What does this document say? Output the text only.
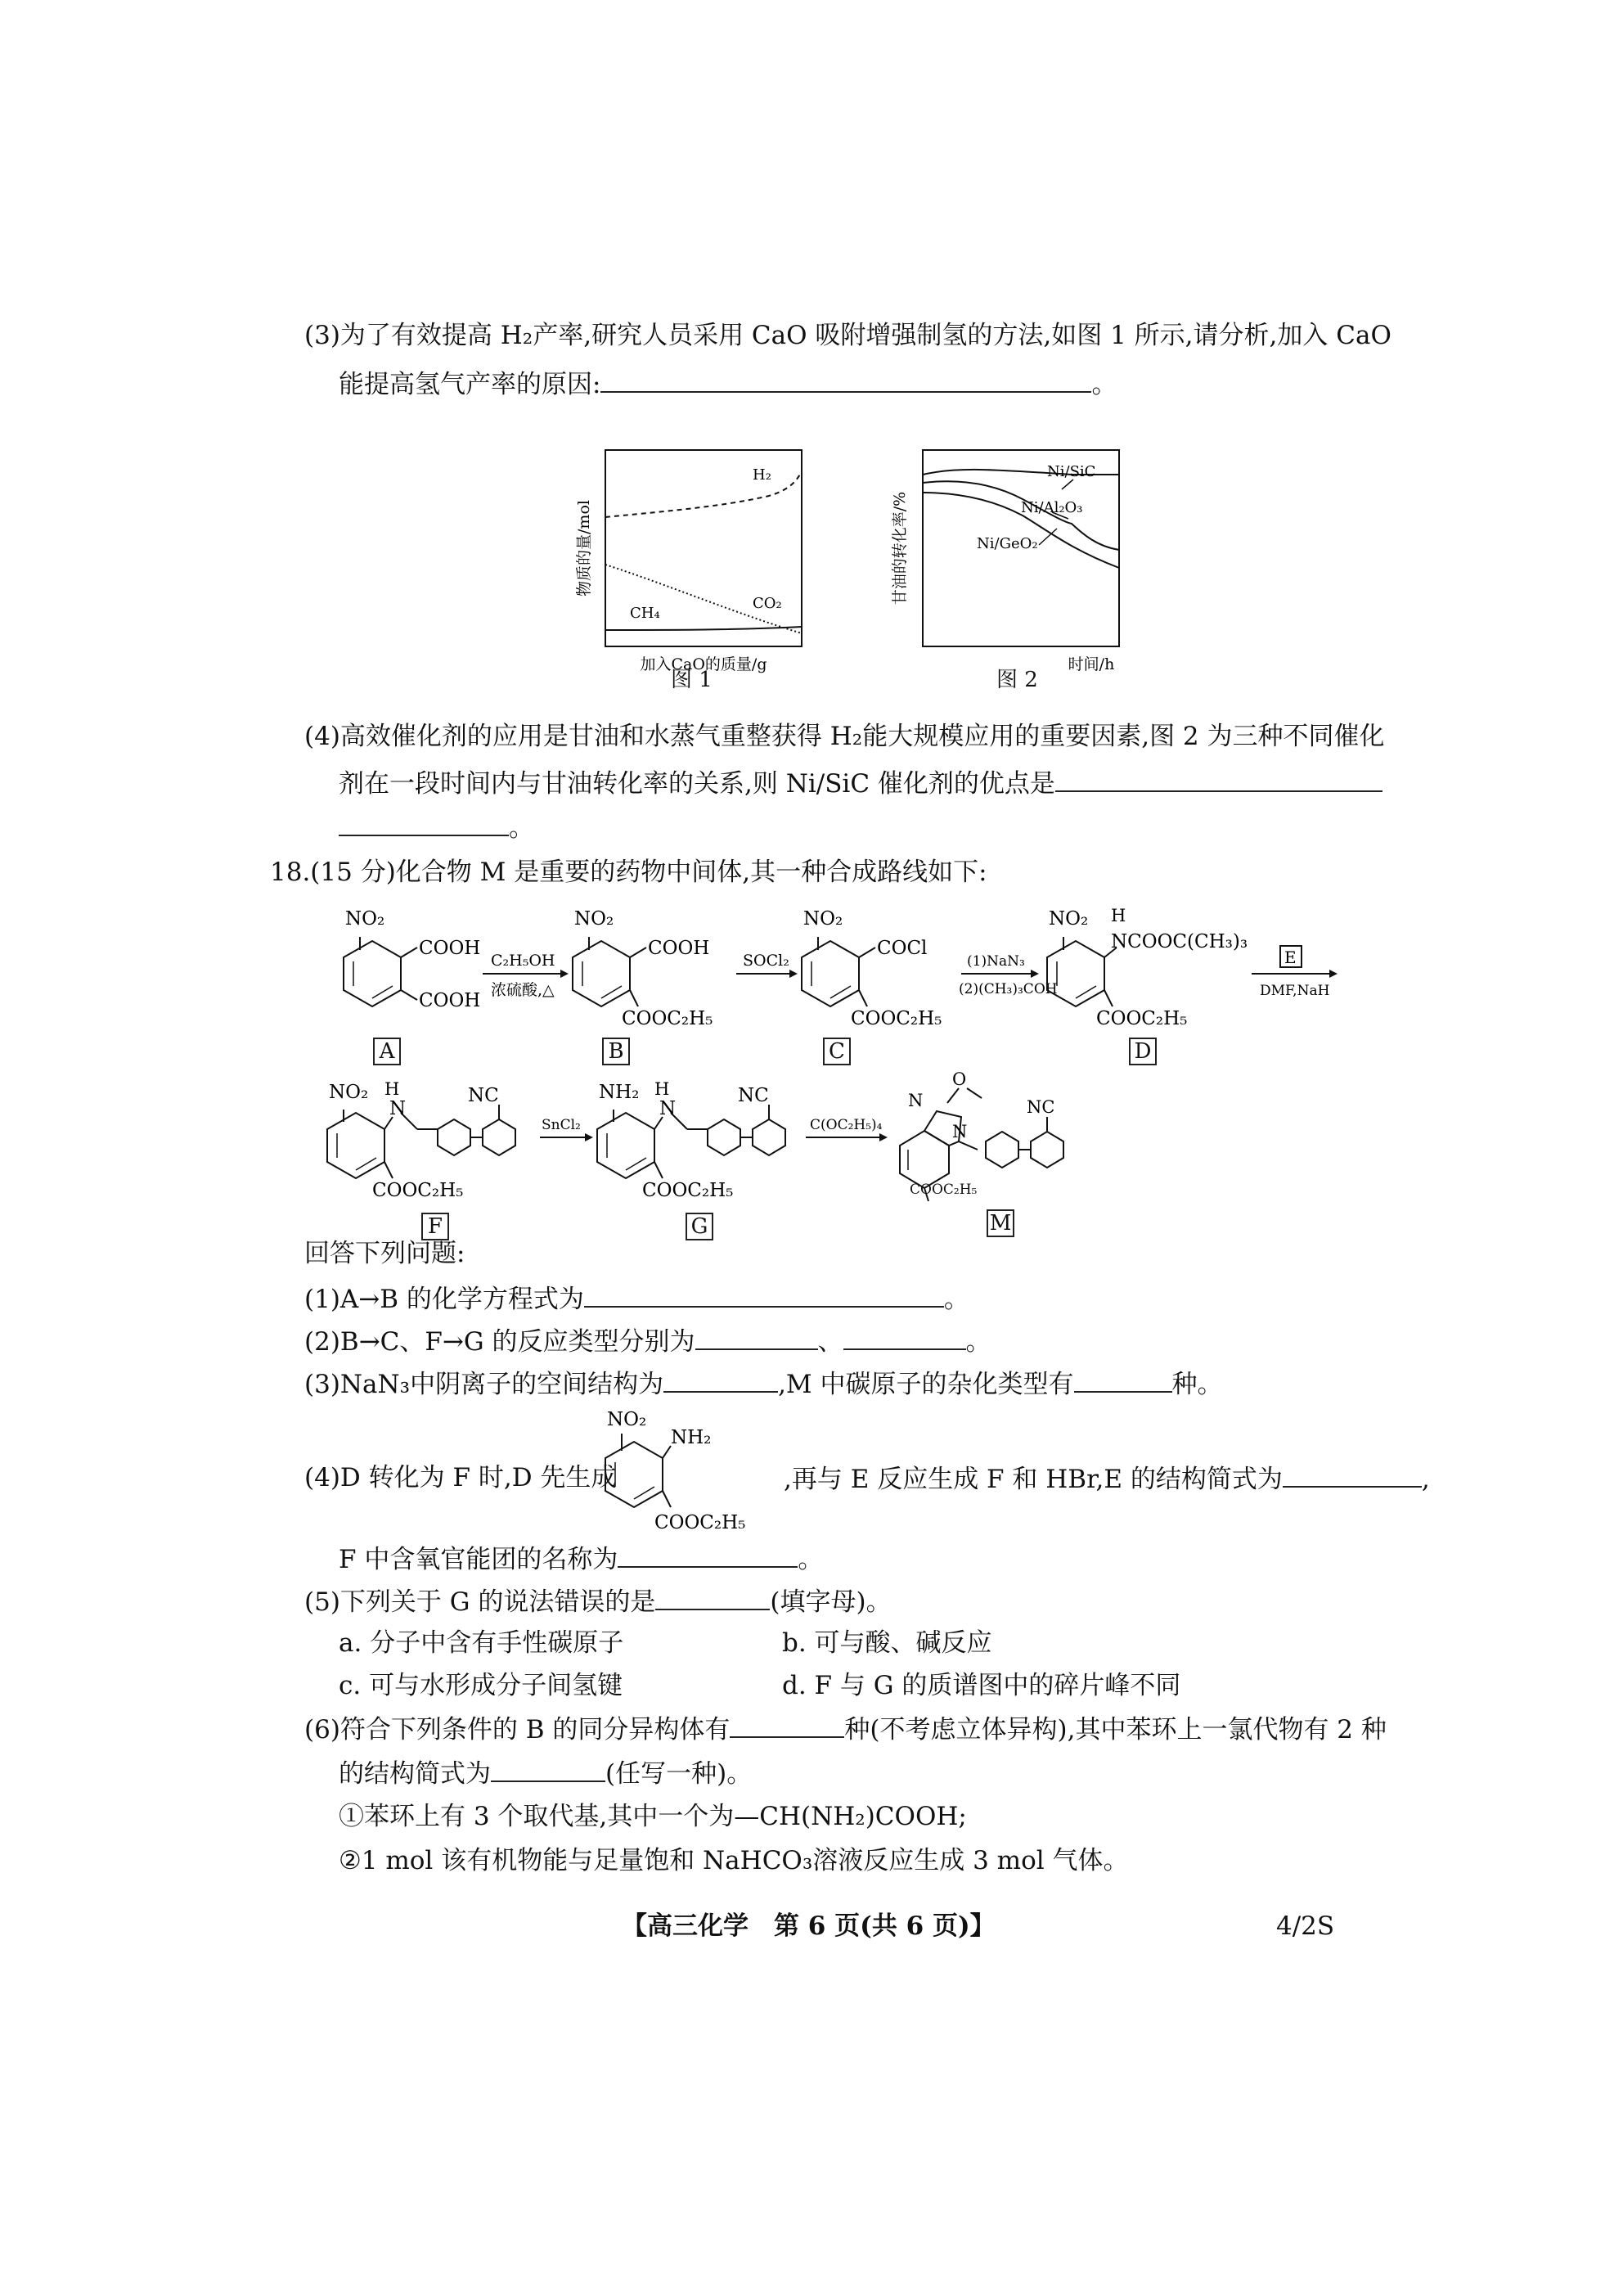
(3)为了有效提高 H₂产率,研究人员采用 CaO 吸附增强制氢的方法,如图 1 所示,请分析,加入 CaO
能提高氢气产率的原因:	。
H₂
CO₂
CH₄
物质的量/mol
加入CaO的质量/g
图 1
Ni/SiC
Ni/Al₂O₃
Ni/GeO₂
甘油的转化率/%
时间/h
图 2
(4)高效催化剂的应用是甘油和水蒸气重整获得 H₂能大规模应用的重要因素,图 2 为三种不同催化
剂在一段时间内与甘油转化率的关系,则 Ni/SiC 催化剂的优点是
。
18.(15 分)化合物 M 是重要的药物中间体,其一种合成路线如下:
NO₂
COOH
COOH
C₂H₅OH
浓硫酸,△
NO₂
COOH
COOC₂H₅
SOCl₂
NO₂
COCl
COOC₂H₅
(1)NaN₃
(2)(CH₃)₃COH
NO₂ H
NCOOC(CH₃)₃
COOC₂H₅
E
DMF,NaH
NO₂ H
N
NC
COOC₂H₅
SnCl₂
NH₂ H
N
NC
COOC₂H₅
C(OC₂H₅)₄
N
O
N
NC
A	B	C	D
F	G
COOC₂H₅
M
回答下列问题:
(1)A→B 的化学方程式为	。
(2)B→C、F→G 的反应类型分别为	、	。
(3)NaN₃中阴离子的空间结构为	,M 中碳原子的杂化类型有	种。
(4)D 转化为 F 时,D 先生成
NO₂
NH₂
COOC₂H₅
,再与 E 反应生成 F 和 HBr,E 的结构简式为	,
F 中含氧官能团的名称为	。
(5)下列关于 G 的说法错误的是	(填字母)。
a. 分子中含有手性碳原子	b. 可与酸、碱反应
c. 可与水形成分子间氢键	d. F 与 G 的质谱图中的碎片峰不同
(6)符合下列条件的 B 的同分异构体有	种(不考虑立体异构),其中苯环上一氯代物有 2 种
的结构简式为	(任写一种)。
①苯环上有 3 个取代基,其中一个为—CH(NH₂)COOH;
②1 mol 该有机物能与足量饱和 NaHCO₃溶液反应生成 3 mol 气体。
【高三化学　第 6 页(共 6 页)】	4/2S
